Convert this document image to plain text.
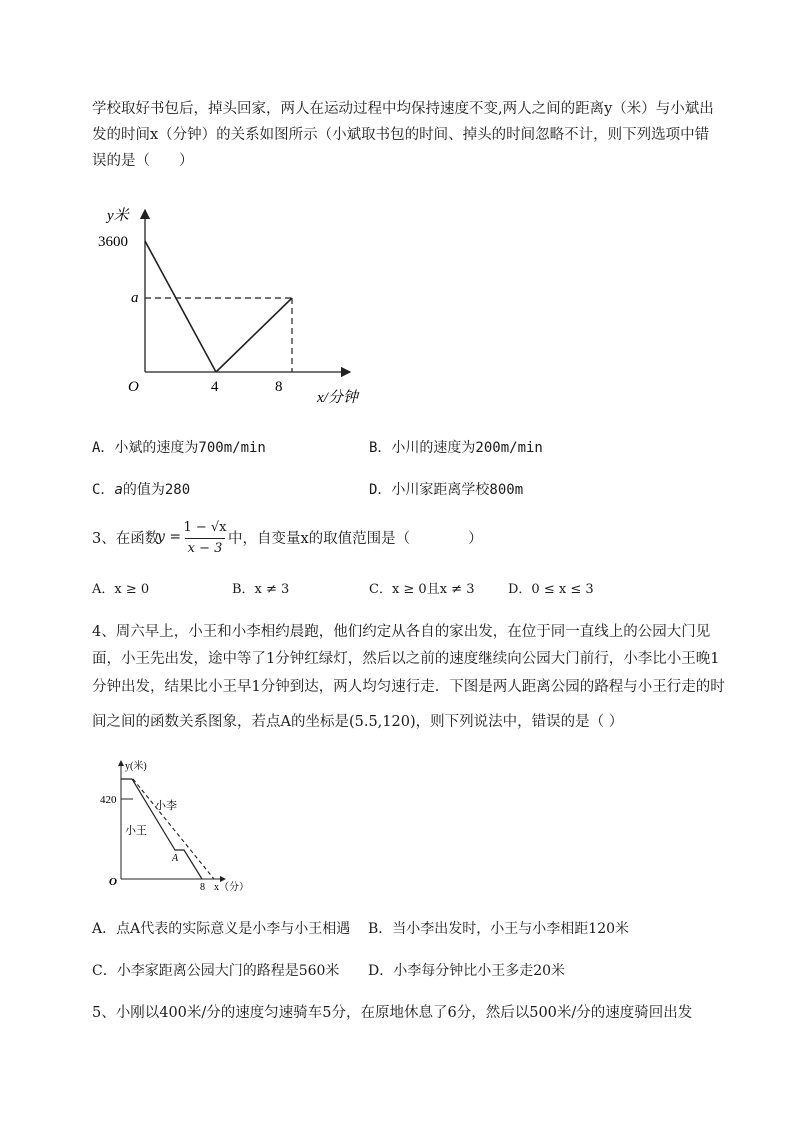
学校取好书包后，掉头回家，两人在运动过程中均保持速度不变,两人之间的距离y（米）与小斌出
发的时间x（分钟）的关系如图所示（小斌取书包的时间、掉头的时间忽略不计，则下列选项中错
误的是（　　）
y米
3600
a
O	4	8
x/分钟
A．小斌的速度为700m/min	B．小川的速度为200m/min
C．a的值为280	D．小川家距离学校800m
3、在函数
y =
1 − √x
x − 3
中，自变量x的取值范围是（　　　　）
A．x ≥ 0	B．x ≠ 3	C．x ≥ 0且x ≠ 3	D．0 ≤ x ≤ 3
4、周六早上，小王和小李相约晨跑，他们约定从各自的家出发，在位于同一直线上的公园大门见
面，小王先出发，途中等了1分钟红绿灯，然后以之前的速度继续向公园大门前行，小李比小王晚1
分钟出发，结果比小王早1分钟到达，两人均匀速行走．下图是两人距离公园的路程与小王行走的时
间之间的函数关系图象，若点A的坐标是(5.5,120)，则下列说法中，错误的是（ ）
y(米)
420	小李
小王
A
O	8 x（分）
A．点A代表的实际意义是小李与小王相遇 B．当小李出发时，小王与小李相距120米
C．小李家距离公园大门的路程是560米 D．小李每分钟比小王多走20米
5、小刚以400米/分的速度匀速骑车5分，在原地休息了6分，然后以500米/分的速度骑回出发
